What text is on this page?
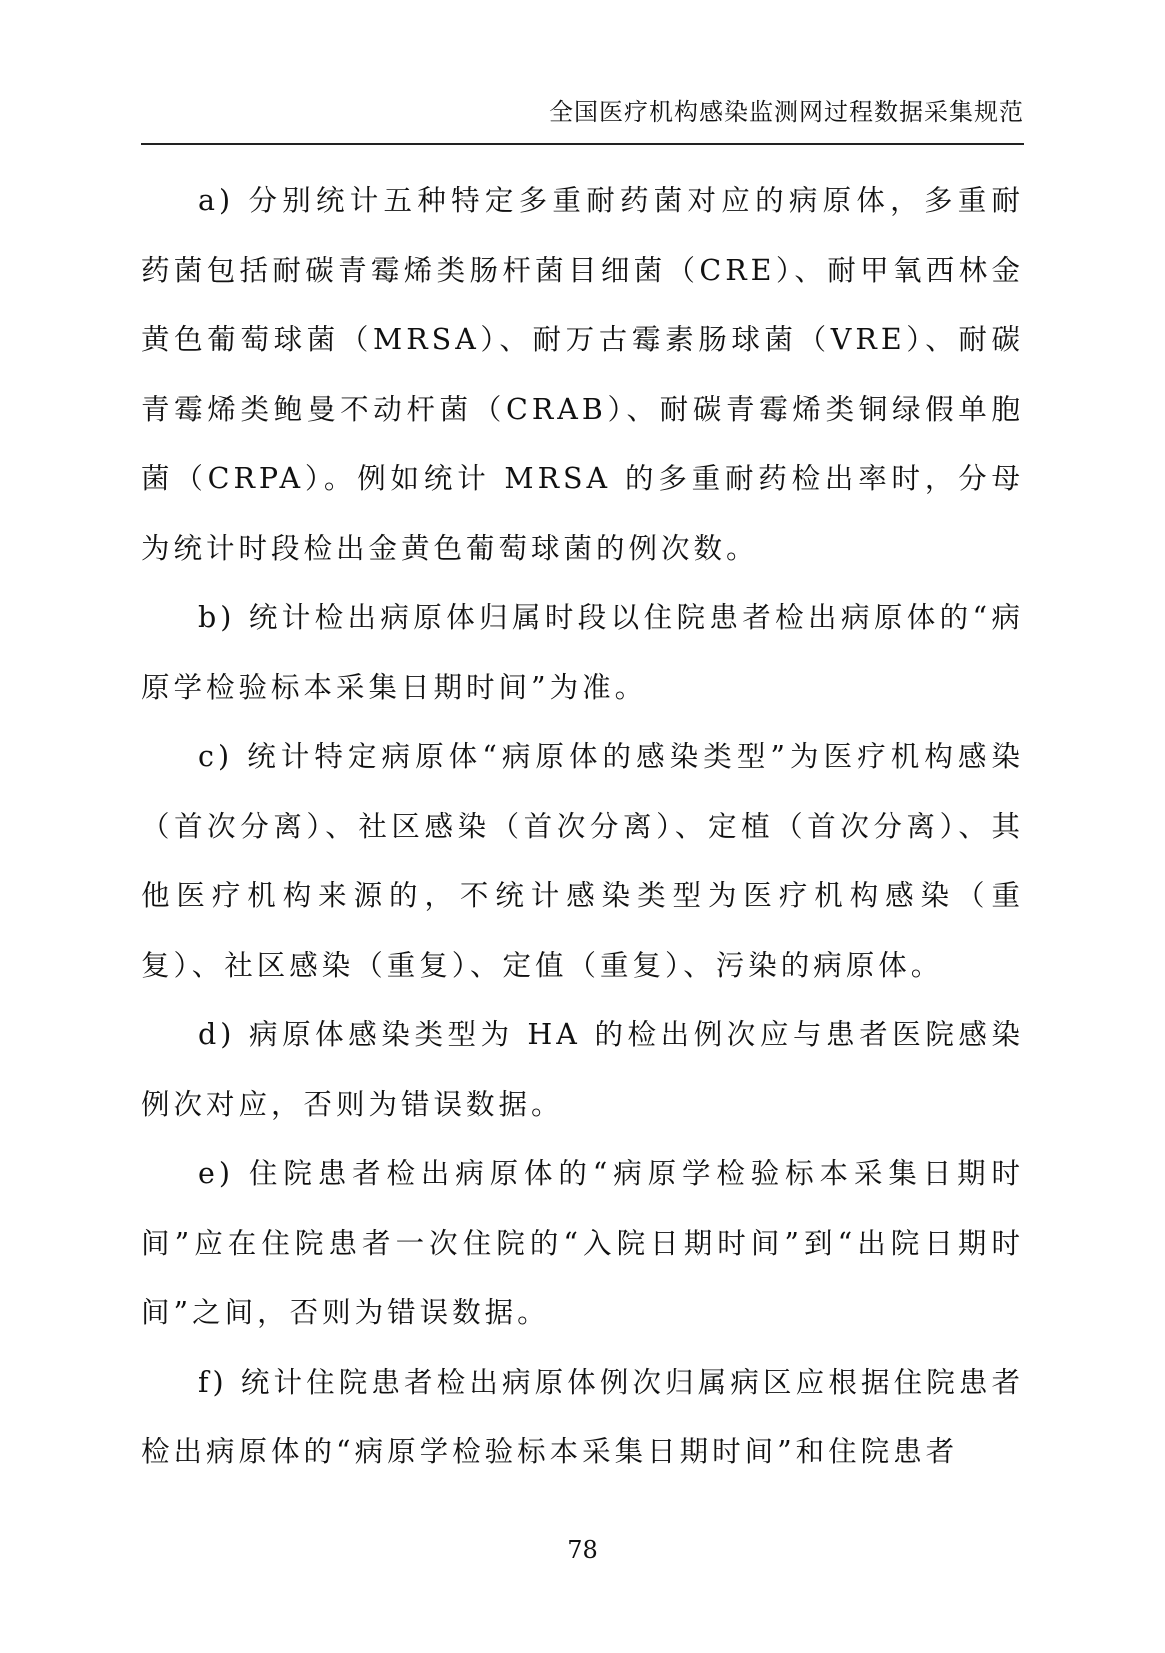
全国医疗机构感染监测网过程数据采集规范

a) 分别统计五种特定多重耐药菌对应的病原体，多重耐药菌包括耐碳青霉烯类肠杆菌目细菌（CRE）、耐甲氧西林金黄色葡萄球菌（MRSA）、耐万古霉素肠球菌（VRE）、耐碳青霉烯类鲍曼不动杆菌（CRAB）、耐碳青霉烯类铜绿假单胞菌（CRPA）。例如统计 MRSA 的多重耐药检出率时，分母为统计时段检出金黄色葡萄球菌的例次数。

b) 统计检出病原体归属时段以住院患者检出病原体的“病原学检验标本采集日期时间”为准。

c) 统计特定病原体“病原体的感染类型”为医疗机构感染（首次分离）、社区感染（首次分离）、定植（首次分离）、其他医疗机构来源的，不统计感染类型为医疗机构感染（重复）、社区感染（重复）、定值（重复）、污染的病原体。

d) 病原体感染类型为 HA 的检出例次应与患者医院感染例次对应，否则为错误数据。

e) 住院患者检出病原体的“病原学检验标本采集日期时间”应在住院患者一次住院的“入院日期时间”到“出院日期时间”之间，否则为错误数据。

f) 统计住院患者检出病原体例次归属病区应根据住院患者检出病原体的“病原学检验标本采集日期时间”和住院患者

78
